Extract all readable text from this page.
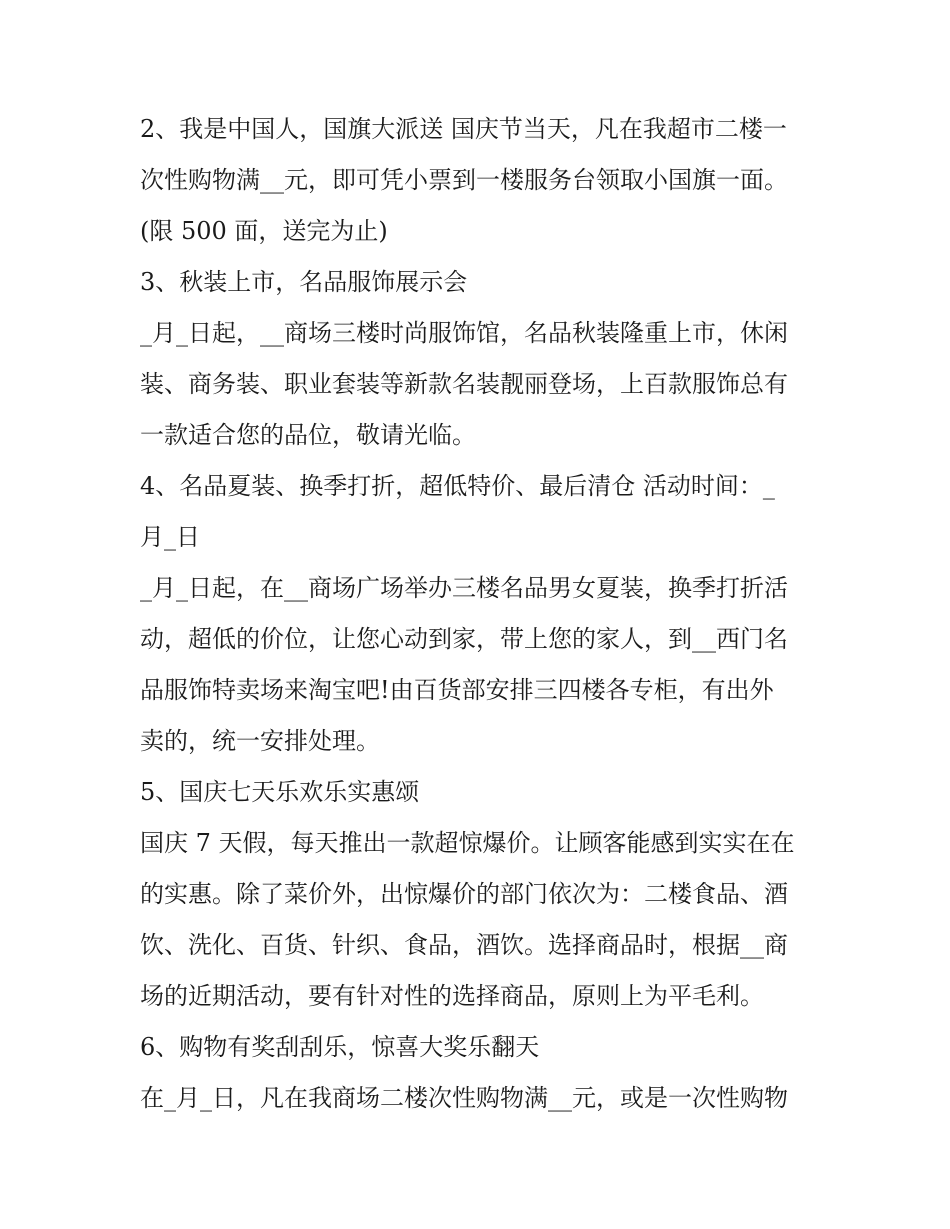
2、我是中国人，国旗大派送 国庆节当天，凡在我超市二楼一
次性购物满__元，即可凭小票到一楼服务台领取小国旗一面。
(限 500 面，送完为止)
3、秋装上市，名品服饰展示会
_月_日起，__商场三楼时尚服饰馆，名品秋装隆重上市，休闲
装、商务装、职业套装等新款名装靓丽登场，上百款服饰总有
一款适合您的品位，敬请光临。
4、名品夏装、换季打折，超低特价、最后清仓 活动时间：_
月_日
_月_日起，在__商场广场举办三楼名品男女夏装，换季打折活
动，超低的价位，让您心动到家，带上您的家人，到__西门名
品服饰特卖场来淘宝吧!由百货部安排三四楼各专柜，有出外
卖的，统一安排处理。
5、国庆七天乐欢乐实惠颂
国庆 7 天假，每天推出一款超惊爆价。让顾客能感到实实在在
的实惠。除了菜价外，出惊爆价的部门依次为：二楼食品、酒
饮、洗化、百货、针织、食品，酒饮。选择商品时，根据__商
场的近期活动，要有针对性的选择商品，原则上为平毛利。
6、购物有奖刮刮乐，惊喜大奖乐翻天
在_月_日，凡在我商场二楼次性购物满__元，或是一次性购物
